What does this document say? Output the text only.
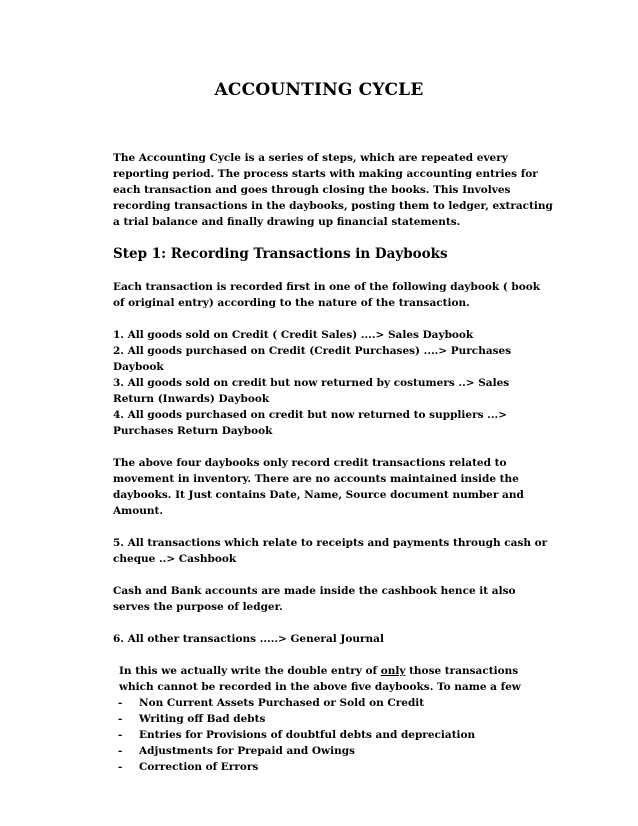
ACCOUNTING CYCLE

The Accounting Cycle is a series of steps, which are repeated every reporting period. The process starts with making accounting entries for each transaction and goes through closing the books. This Involves recording transactions in the daybooks, posting them to ledger, extracting a trial balance and finally drawing up financial statements.

Step 1: Recording Transactions in Daybooks

Each transaction is recorded first in one of the following daybook ( book of original entry) according to the nature of the transaction.

1. All goods sold on Credit ( Credit Sales) ....> Sales Daybook
2. All goods purchased on Credit (Credit Purchases) ....> Purchases Daybook
3. All goods sold on credit but now returned by costumers ..> Sales Return (Inwards) Daybook
4. All goods purchased on credit but now returned to suppliers ...> Purchases Return Daybook

The above four daybooks only record credit transactions related to movement in inventory. There are no accounts maintained inside the daybooks. It Just contains Date, Name, Source document number and Amount.

5. All transactions which relate to receipts and payments through cash or cheque ..> Cashbook

Cash and Bank accounts are made inside the cashbook hence it also serves the purpose of ledger.

6. All other transactions .....> General Journal

In this we actually write the double entry of only those transactions which cannot be recorded in the above five daybooks. To name a few

-	Non Current Assets Purchased or Sold on Credit
-	Writing off Bad debts
-	Entries for Provisions of doubtful debts and depreciation
-	Adjustments for Prepaid and Owings
-	Correction of Errors
